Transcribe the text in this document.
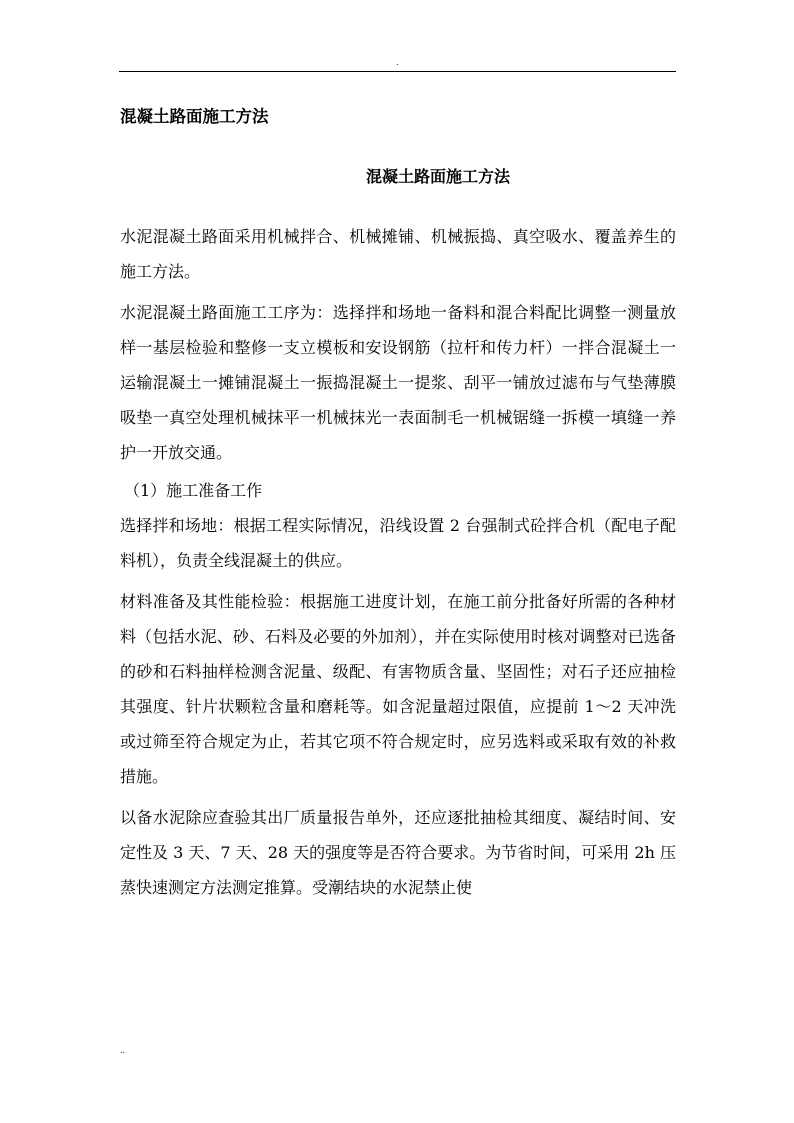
.
混凝土路面施工方法
混凝土路面施工方法

水泥混凝土路面采用机械拌合、机械摊铺、机械振捣、真空吸水、覆盖养生的施工方法。

水泥混凝土路面施工工序为：选择拌和场地一备料和混合料配比调整一测量放样一基层检验和整修一支立模板和安设钢筋（拉杆和传力杆）一拌合混凝土一运输混凝土一摊铺混凝土一振捣混凝土一提浆、刮平一铺放过滤布与气垫薄膜吸垫一真空处理机械抹平一机械抹光一表面制毛一机械锯缝一拆模一填缝一养护一开放交通。

（1）施工准备工作

选择拌和场地：根据工程实际情况，沿线设置 2 台强制式砼拌合机（配电子配料机），负责全线混凝土的供应。

材料准备及其性能检验：根据施工进度计划，在施工前分批备好所需的各种材料（包括水泥、砂、石料及必要的外加剂），并在实际使用时核对调整对已选备的砂和石料抽样检测含泥量、级配、有害物质含量、坚固性；对石子还应抽检其强度、针片状颗粒含量和磨耗等。如含泥量超过限值，应提前 1～2 天冲洗或过筛至符合规定为止，若其它项不符合规定时，应另选料或采取有效的补救措施。

以备水泥除应查验其出厂质量报告单外，还应逐批抽检其细度、凝结时间、安定性及 3 天、7 天、28 天的强度等是否符合要求。为节省时间，可采用 2h 压蒸快速测定方法测定推算。受潮结块的水泥禁止使

..
